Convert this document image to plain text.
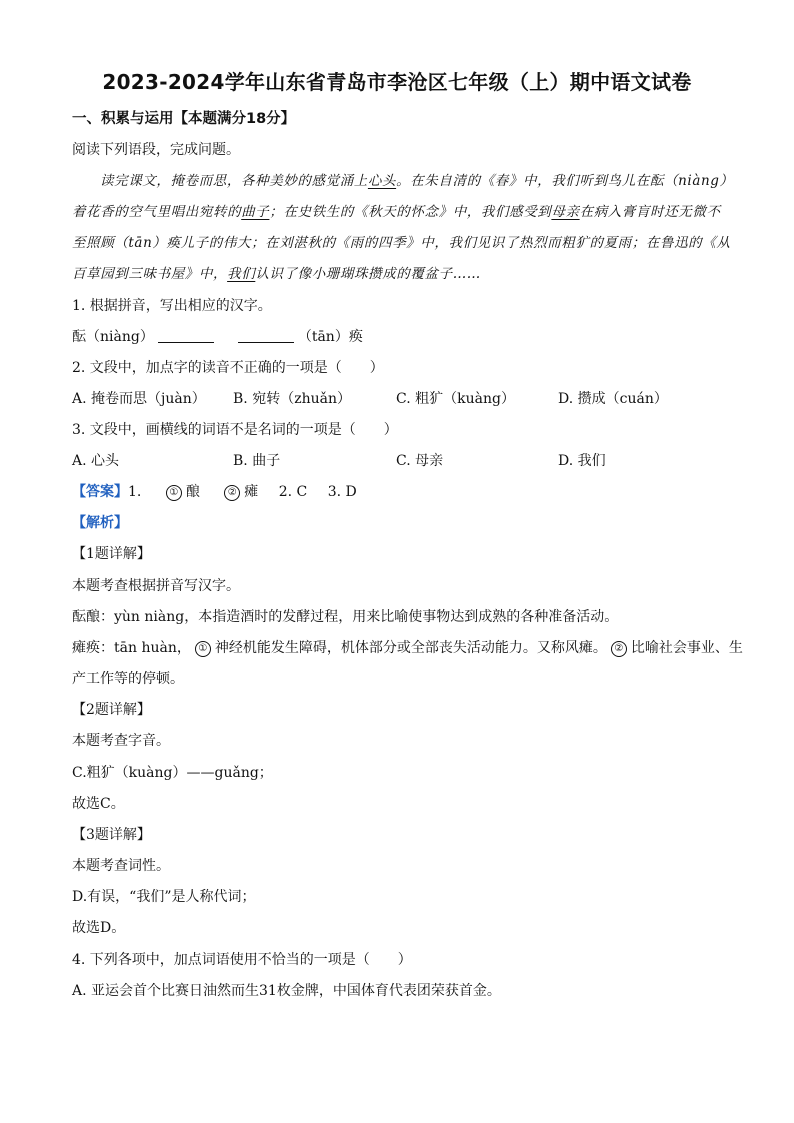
2023-2024学年山东省青岛市李沧区七年级（上）期中语文试卷
一、积累与运用【本题满分18分】
阅读下列语段，完成问题。
读完课文，掩卷而思，各种美妙的感觉涌上心头。在朱自清的《春》中，我们听到鸟儿在酝（niàng）
着花香的空气里唱出宛转的曲子；在史铁生的《秋天的怀念》中，我们感受到母亲在病入膏肓时还无微不
至照顾（tān）痪儿子的伟大；在刘湛秋的《雨的四季》中，我们见识了热烈而粗犷的夏雨；在鲁迅的《从
百草园到三味书屋》中，我们认识了像小珊瑚珠攒成的覆盆子……
1. 根据拼音，写出相应的汉字。
酝（niàng）	（tān）痪
2. 文段中，加点字的读音不正确的一项是（　　）
A. 掩卷而思（juàn） B. 宛转（zhuǎn）	C. 粗犷（kuàng）	D. 攒成（cuán）
3. 文段中，画横线的词语不是名词的一项是（　　）
A. 心头	B. 曲子	C. 母亲	D. 我们
【答案】1.	① 酿	② 瘫 2. C 3. D
【解析】
【1题详解】
本题考查根据拼音写汉字。
酝酿：yùn niàng，本指造酒时的发酵过程，用来比喻使事物达到成熟的各种准备活动。
瘫痪：tān huàn， ① 神经机能发生障碍，机体部分或全部丧失活动能力。又称风瘫。 ② 比喻社会事业、生
产工作等的停顿。
【2题详解】
本题考查字音。
C.粗犷（kuàng）——guǎng；
故选C。
【3题详解】
本题考查词性。
D.有误，“我们”是人称代词；
故选D。
4. 下列各项中，加点词语使用不恰当的一项是（　　）
A. 亚运会首个比赛日油然而生31枚金牌，中国体育代表团荣获首金。
